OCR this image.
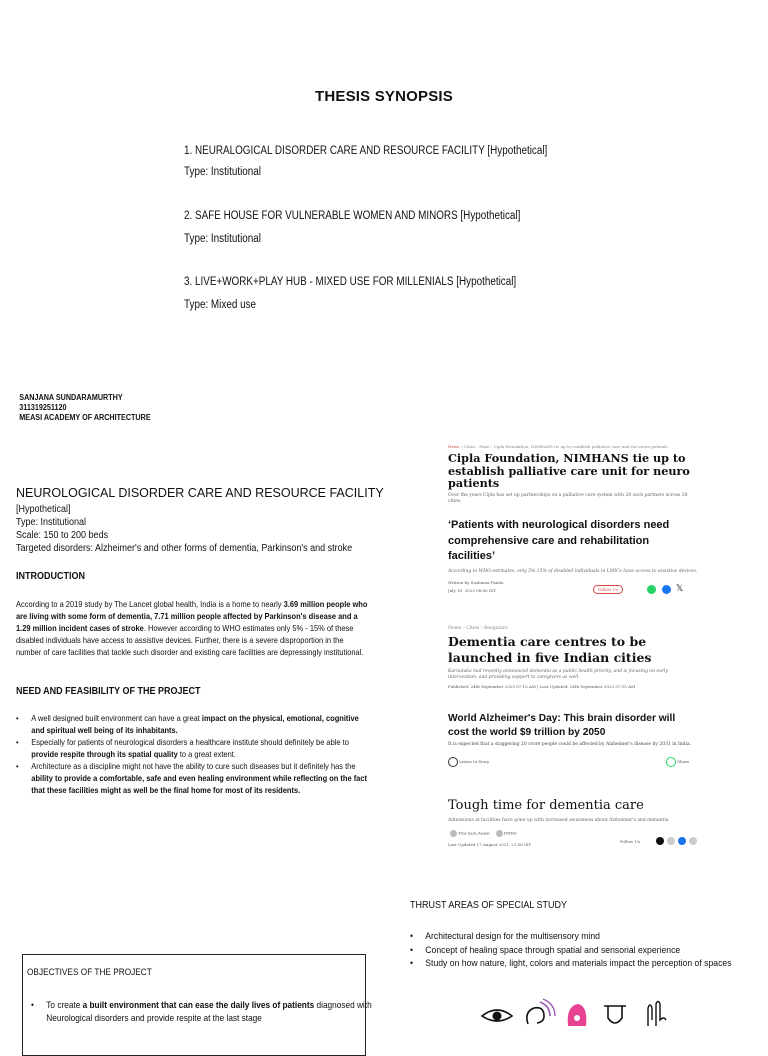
THESIS SYNOPSIS
1. NEURALOGICAL DISORDER CARE AND RESOURCE FACILITY [Hypothetical]
Type: Institutional
2. SAFE HOUSE FOR VULNERABLE WOMEN AND MINORS [Hypothetical]
Type: Institutional
3. LIVE+WORK+PLAY HUB - MIXED USE FOR MILLENIALS [Hypothetical]
Type: Mixed use
SANJANA SUNDARAMURTHY
311319251120
MEASI ACADEMY OF ARCHITECTURE
NEUROLOGICAL DISORDER CARE AND RESOURCE FACILITY
[Hypothetical]
Type: Institutional
Scale: 150 to 200 beds
Targeted disorders: Alzheimer's and other forms of dementia, Parkinson's and stroke
INTRODUCTION
According to a 2019 study by The Lancet global health, India is a home to nearly 3.69 million people who are living with some form of dementia, 7.71 million people affected by Parkinson's disease and a 1.29 million incident cases of stroke. However according to WHO estimates only 5% - 15% of these disabled individuals have access to assistive devices. Further, there is a severe disproportion in the number of care facilities that tackle such disorder and existing care facilities are depressingly institutional.
NEED AND FEASIBILITY OF THE PROJECT
• A well designed built environment can have a great impact on the physical, emotional, cognitive and spiritual well being of its inhabitants.
• Especially for patients of neurological disorders a healthcare institute should definitely be able to provide respite through its spatial quality to a great extent.
• Architecture as a discipline might not have the ability to cure such diseases but it definitely has the ability to provide a comfortable, safe and even healing environment while reflecting on the fact that these facilities might as well be the final home for most of its residents.
News › Cities › Pune › Cipla Foundation, NIMHANS tie up to establish palliative care unit for neuro patients
Cipla Foundation, NIMHANS tie up to establish palliative care unit for neuro patients
Over the years Cipla has set up partnerships on a palliative care system with 28 such partners across 28 cities.
‘Patients with neurological disorders need comprehensive care and rehabilitation facilities’
According to WHO estimates, only 5%-15% of disabled individuals in LMICs have access to assistive devices.
Written by Sushmita Panda
July 10, 2023 08:00 IST	Follow Us	𝕏
Home › Cities › Bengaluru
Dementia care centres to be launched in five Indian cities
Karnataka had recently announced dementia as a public health priority, and is focusing on early intervention, and providing support to caregivers as well.
Published: 24th September 2023 07:15 AM | Last Updated: 24th September 2023 07:15 AM
World Alzheimer's Day: This brain disorder will cost the world $9 trillion by 2050
It is expected that a staggering 20 crore people could be affected by Alzheimer's disease by 2031 in India.
Listen to Story	Share
Tough time for dementia care
Admissions at facilities have gone up with increased awareness about Alzheimer's and dementia
Tini Sara Anien	DHNS
Last Updated 17 August 2021, 21:56 IST
Follow Us
THRUST AREAS OF SPECIAL STUDY
• Architectural design for the multisensory mind
• Concept of healing space through spatial and sensorial experience
• Study on how nature, light, colors and materials impact the perception of spaces
OBJECTIVES OF THE PROJECT
• To create a built environment that can ease the daily lives of patients diagnosed with Neurological disorders and provide respite at the last stage
